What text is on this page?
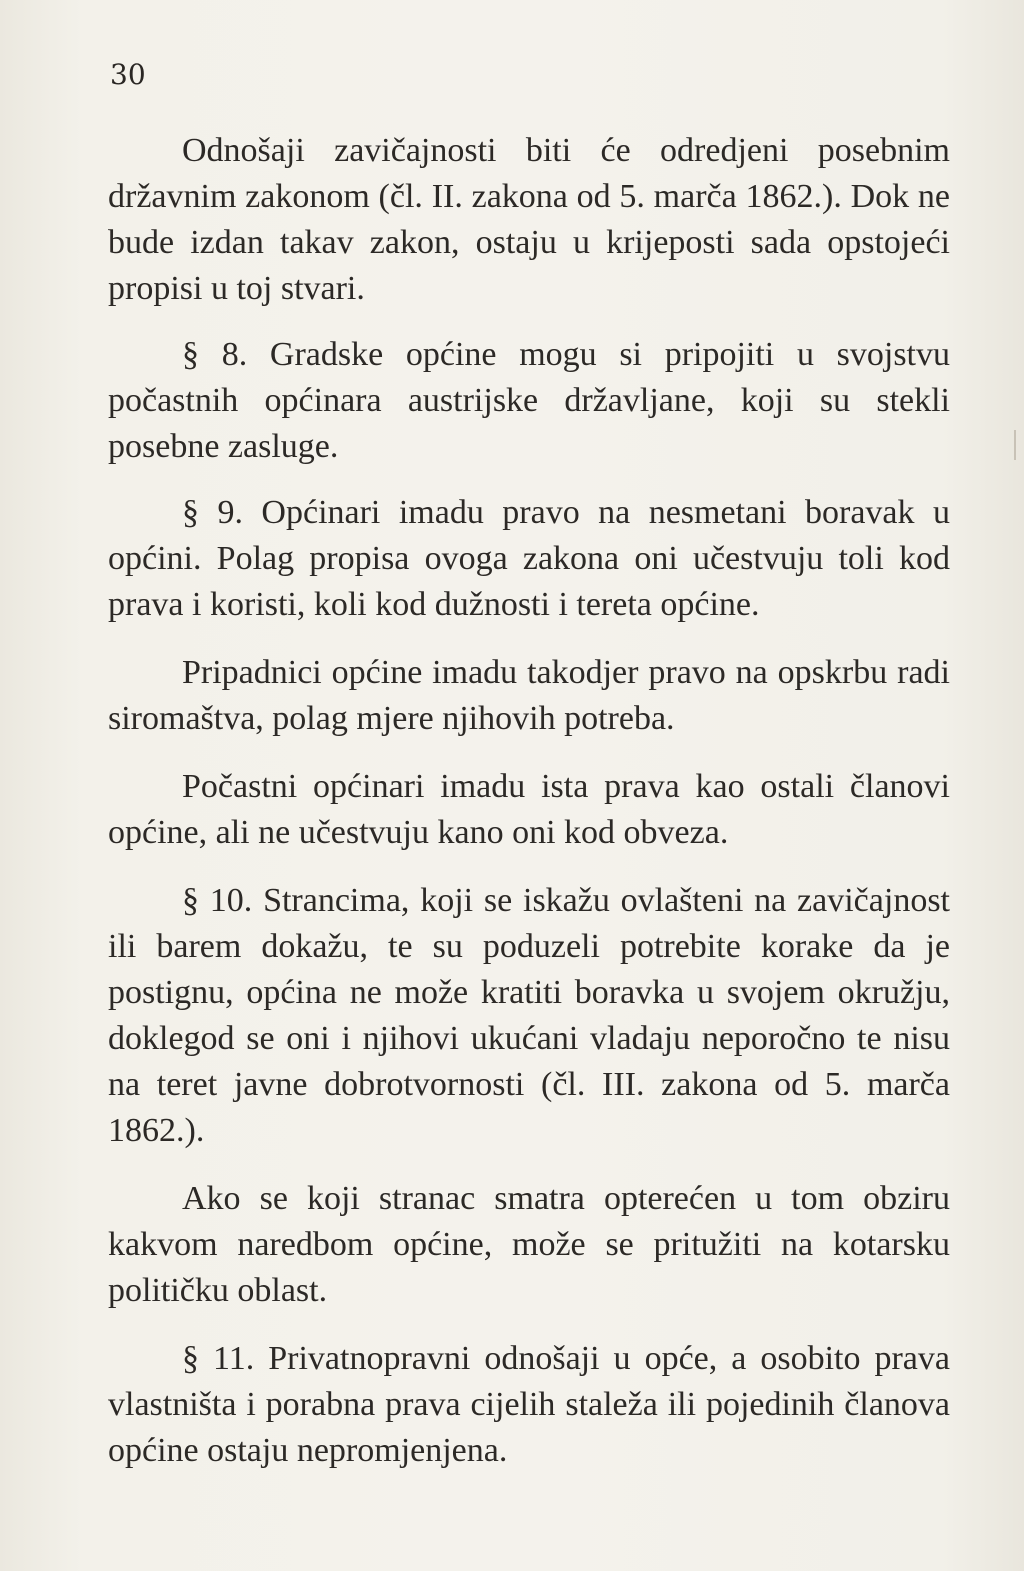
30

Odnošaji zavičajnosti biti će odredjeni posebnim državnim zakonom (čl. II. zakona od 5. marča 1862.). Dok ne bude izdan takav zakon, ostaju u krijeposti sada opstojeći propisi u toj stvari.

§ 8. Gradske općine mogu si pripojiti u svojstvu počastnih općinara austrijske državljane, koji su stekli posebne zasluge.

§ 9. Općinari imadu pravo na nesmetani boravak u općini. Polag propisa ovoga zakona oni učestvuju toli kod prava i koristi, koli kod dužnosti i tereta općine.

Pripadnici općine imadu takodjer pravo na opskrbu radi siromaštva, polag mjere njihovih potreba.

Počastni općinari imadu ista prava kao ostali članovi općine, ali ne učestvuju kano oni kod obveza.

§ 10. Strancima, koji se iskažu ovlašteni na zavičajnost ili barem dokažu, te su poduzeli potrebite korake da je postignu, općina ne može kratiti boravka u svojem okružju, doklegod se oni i njihovi ukućani vladaju neporočno te nisu na teret javne dobrotvornosti (čl. III. zakona od 5. marča 1862.).

Ako se koji stranac smatra opterećen u tom obziru kakvom naredbom općine, može se pritužiti na kotarsku političku oblast.

§ 11. Privatnopravni odnošaji u opće, a osobito prava vlastništa i porabna prava cijelih staleža ili pojedinih članova općine ostaju nepromjenjena.
